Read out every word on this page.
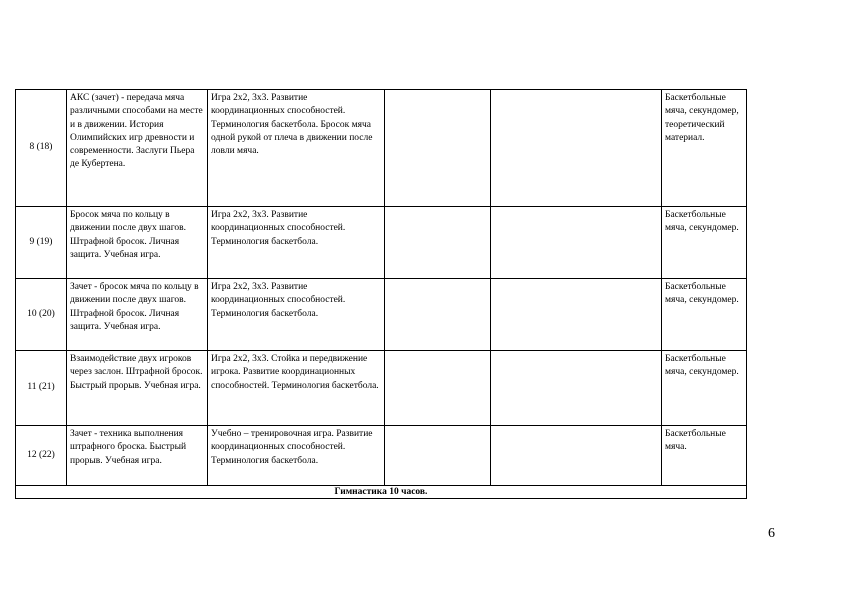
8 (18)	АКС (зачет) - передача мяча различными способами на месте и в движении. История Олимпийских игр древности и современности. Заслуги Пьера де Кубертена.	Игра 2х2, 3х3. Развитие координационных способностей. Терминология баскетбола. Бросок мяча одной рукой от плеча в движении после ловли мяча.			Баскетбольные мяча, секундомер, теоретический материал.
9 (19)	Бросок мяча по кольцу в движении после двух шагов. Штрафной бросок. Личная защита. Учебная игра.	Игра 2х2, 3х3. Развитие координационных способностей. Терминология баскетбола.			Баскетбольные мяча, секундомер.
10 (20)	Зачет - бросок мяча по кольцу в движении после двух шагов. Штрафной бросок. Личная защита. Учебная игра.	Игра 2х2, 3х3. Развитие координационных способностей. Терминология баскетбола.			Баскетбольные мяча, секундомер.
11 (21)	Взаимодействие двух игроков через заслон. Штрафной бросок. Быстрый прорыв. Учебная игра.	Игра 2х2, 3х3. Стойка и передвижение игрока. Развитие координационных способностей. Терминология баскетбола.			Баскетбольные мяча, секундомер.
12 (22)	Зачет - техника выполнения штрафного броска. Быстрый прорыв. Учебная игра.	Учебно – тренировочная игра. Развитие координационных способностей. Терминология баскетбола.			Баскетбольные мяча.
Гимнастика 10 часов.					
6
